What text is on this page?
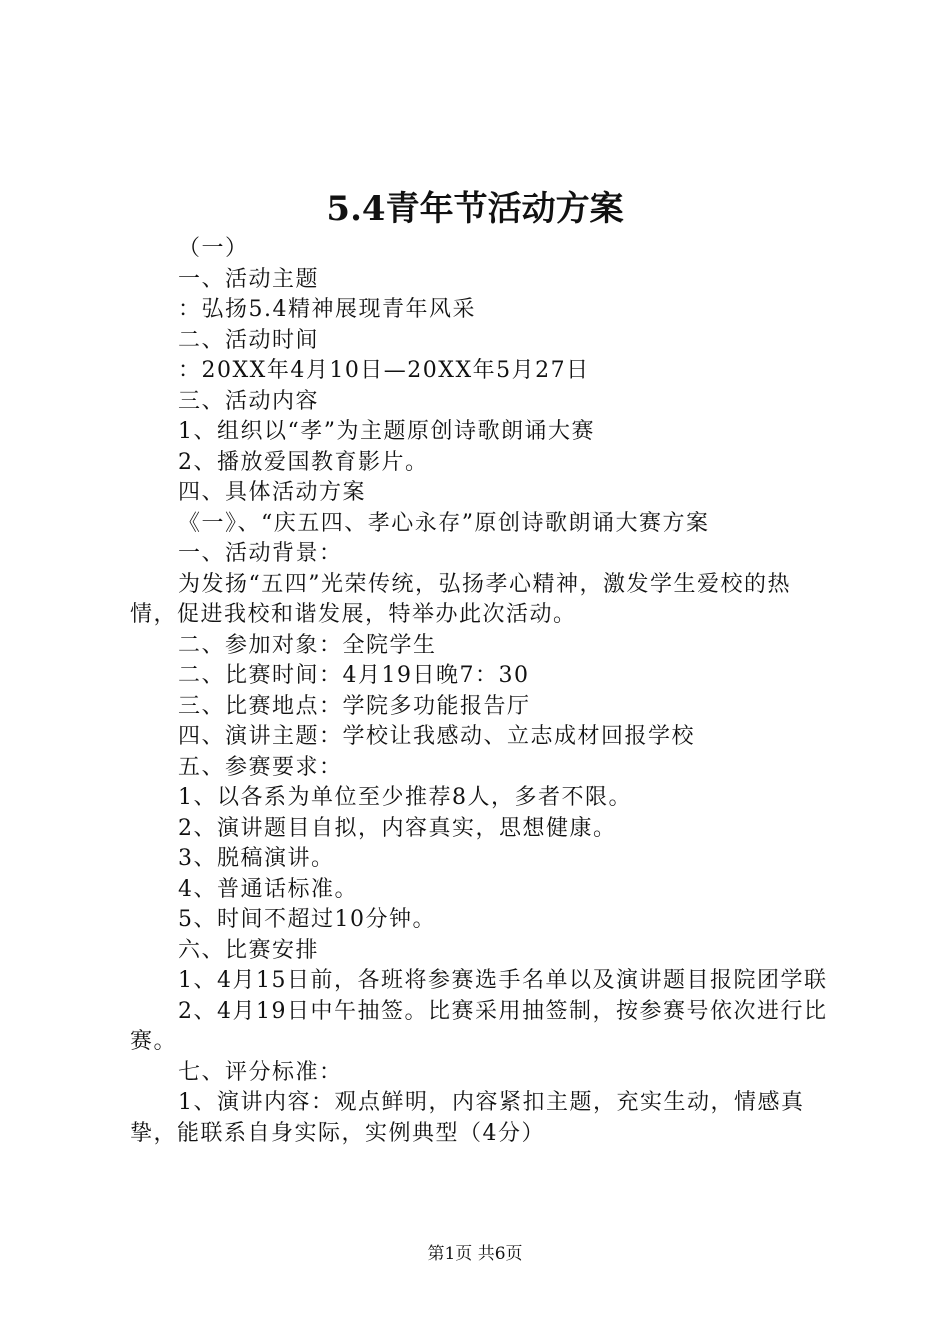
5.4青年节活动方案

（一）

一、活动主题

：弘扬5.4精神展现青年风采

二、活动时间

：20XX年4月10日—20XX年5月27日

三、活动内容

1、组织以“孝”为主题原创诗歌朗诵大赛

2、播放爱国教育影片。

四、具体活动方案

《一》、“庆五四、孝心永存”原创诗歌朗诵大赛方案

一、活动背景：

为发扬“五四”光荣传统，弘扬孝心精神，激发学生爱校的热情，促进我校和谐发展，特举办此次活动。

二、参加对象：全院学生

二、比赛时间：4月19日晚7：30

三、比赛地点：学院多功能报告厅

四、演讲主题：学校让我感动、立志成材回报学校

五、参赛要求：

1、以各系为单位至少推荐8人，多者不限。

2、演讲题目自拟，内容真实，思想健康。

3、脱稿演讲。

4、普通话标准。

5、时间不超过10分钟。

六、比赛安排

1、4月15日前，各班将参赛选手名单以及演讲题目报院团学联

2、4月19日中午抽签。比赛采用抽签制，按参赛号依次进行比赛。

七、评分标准：

1、演讲内容：观点鲜明，内容紧扣主题，充实生动，情感真挚，能联系自身实际，实例典型（4分）

第1页 共6页
